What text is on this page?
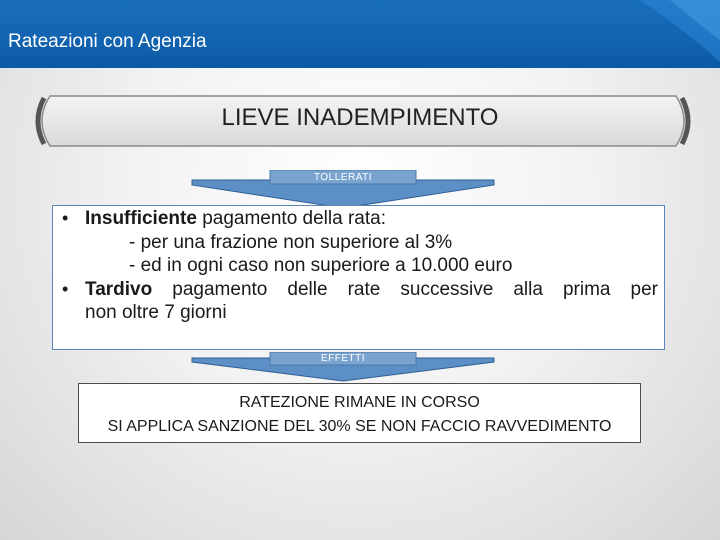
Rateazioni con Agenzia
LIEVE INADEMPIMENTO
TOLLERATI
• Insufficiente pagamento della rata:
- per una frazione non superiore al 3%
- ed in ogni caso non superiore a 10.000 euro
• Tardivo pagamento delle rate successive alla prima per
non oltre 7 giorni
EFFETTI
RATEZIONE RIMANE IN CORSO
SI APPLICA SANZIONE DEL 30% SE NON FACCIO RAVVEDIMENTO
